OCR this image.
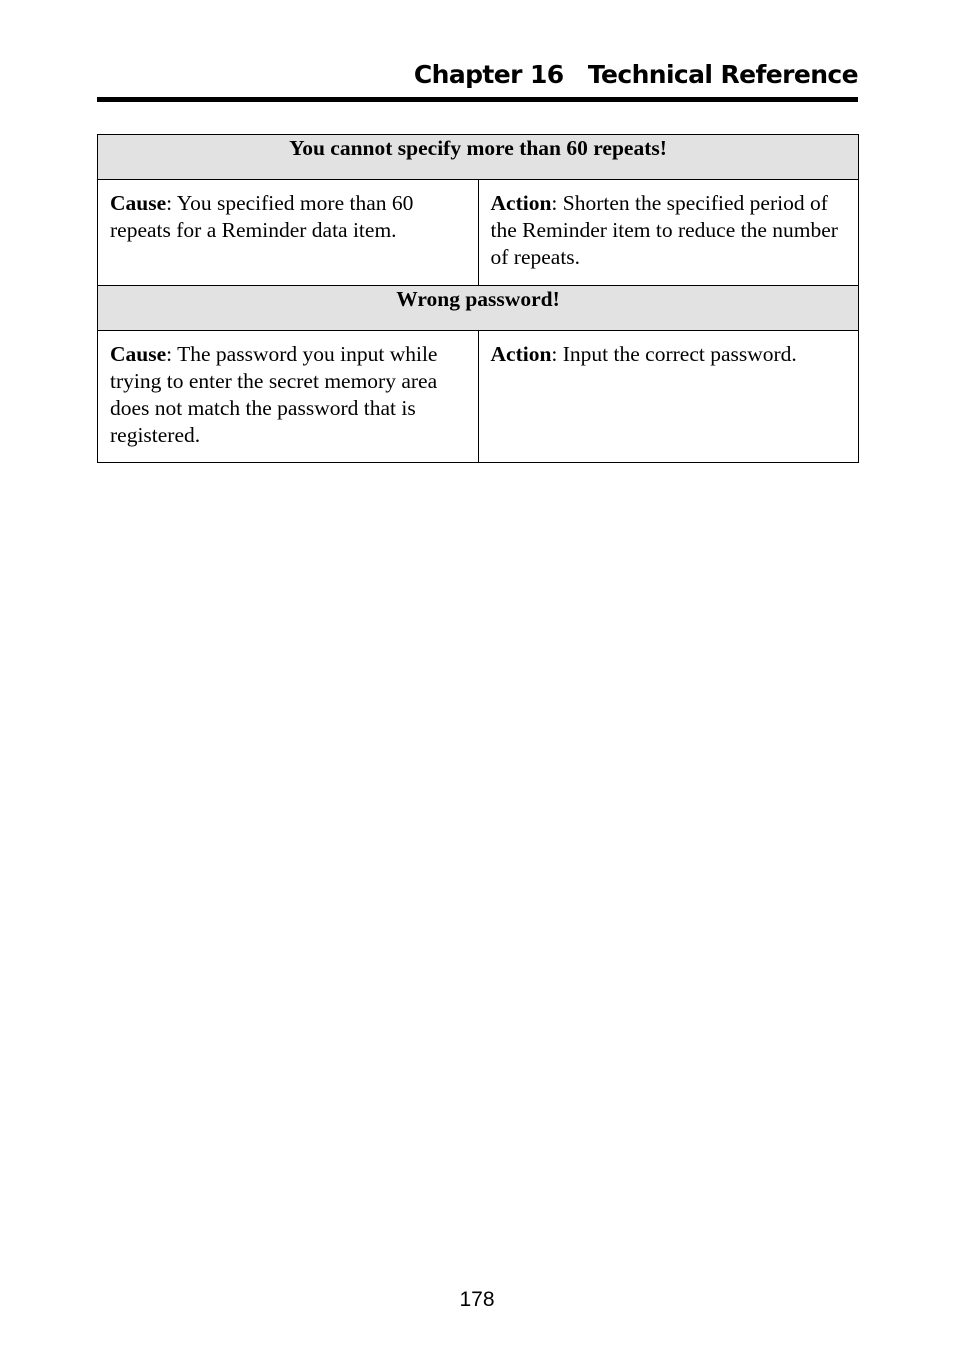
Chapter 16   Technical Reference
You cannot specify more than 60 repeats!	
Cause: You specified more than 60 repeats for a Reminder data item.	Action: Shorten the specified period of the Reminder item to reduce the number of repeats.
Wrong password!	
Cause: The password you input while trying to enter the secret memory area does not match the password that is registered.	Action: Input the correct password.
178
